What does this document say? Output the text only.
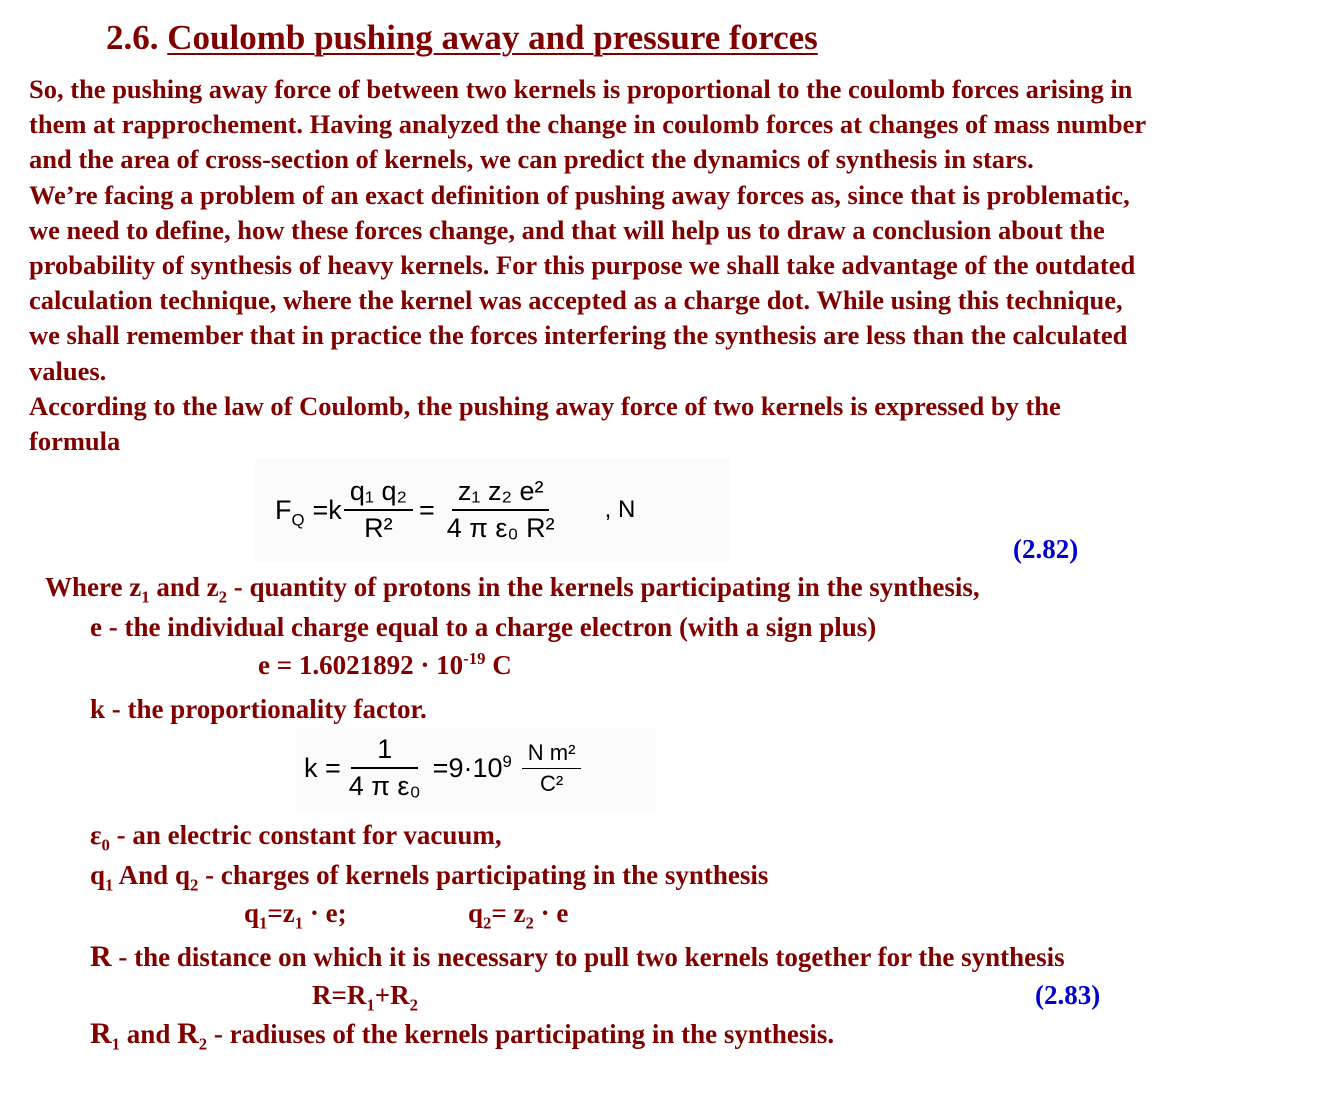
2.6. Coulomb pushing away and pressure forces
So, the pushing away force of between two kernels is proportional to the coulomb forces arising in
them at rapprochement. Having analyzed the change in coulomb forces at changes of mass number
and the area of cross-section of kernels, we can predict the dynamics of synthesis in stars.
We’re facing a problem of an exact definition of pushing away forces as, since that is problematic,
we need to define, how these forces change, and that will help us to draw a conclusion about the
probability of synthesis of heavy kernels. For this purpose we shall take advantage of the outdated
calculation technique, where the kernel was accepted as a charge dot. While using this technique,
we shall remember that in practice the forces interfering the synthesis are less than the calculated
values.
According to the law of Coulomb, the pushing away force of two kernels is expressed by the
formula
$F_Q =k \frac{\text{q₁ q₂}}{\text{R²}} = \frac{\text{z₁ z₂ e²}}{\text{4 π ε₀ R²}}$ , N
(2.82)
Where $z_1$ and $z_2$ - quantity of protons in the kernels participating in the synthesis,
e - the individual charge equal to a charge electron (with a sign plus)
$e = 1.6021892 \cdot 10^{-19}$ C
k - the proportionality factor.
$k = \frac{1}{\text{4 π ε₀}} =9\cdot 10^9 \frac{\text{N m²}}{\text{C²}}$
$\varepsilon_0$ - an electric constant for vacuum,
$q_1$ And $q_2$ - charges of kernels participating in the synthesis
$q_1=z_1 \cdot e$;	$q_2= z_2 \cdot e$
R - the distance on which it is necessary to pull two kernels together for the synthesis
$R=R_1+R_2$	(2.83)
$R_1$ and $R_2$ - radiuses of the kernels participating in the synthesis.
